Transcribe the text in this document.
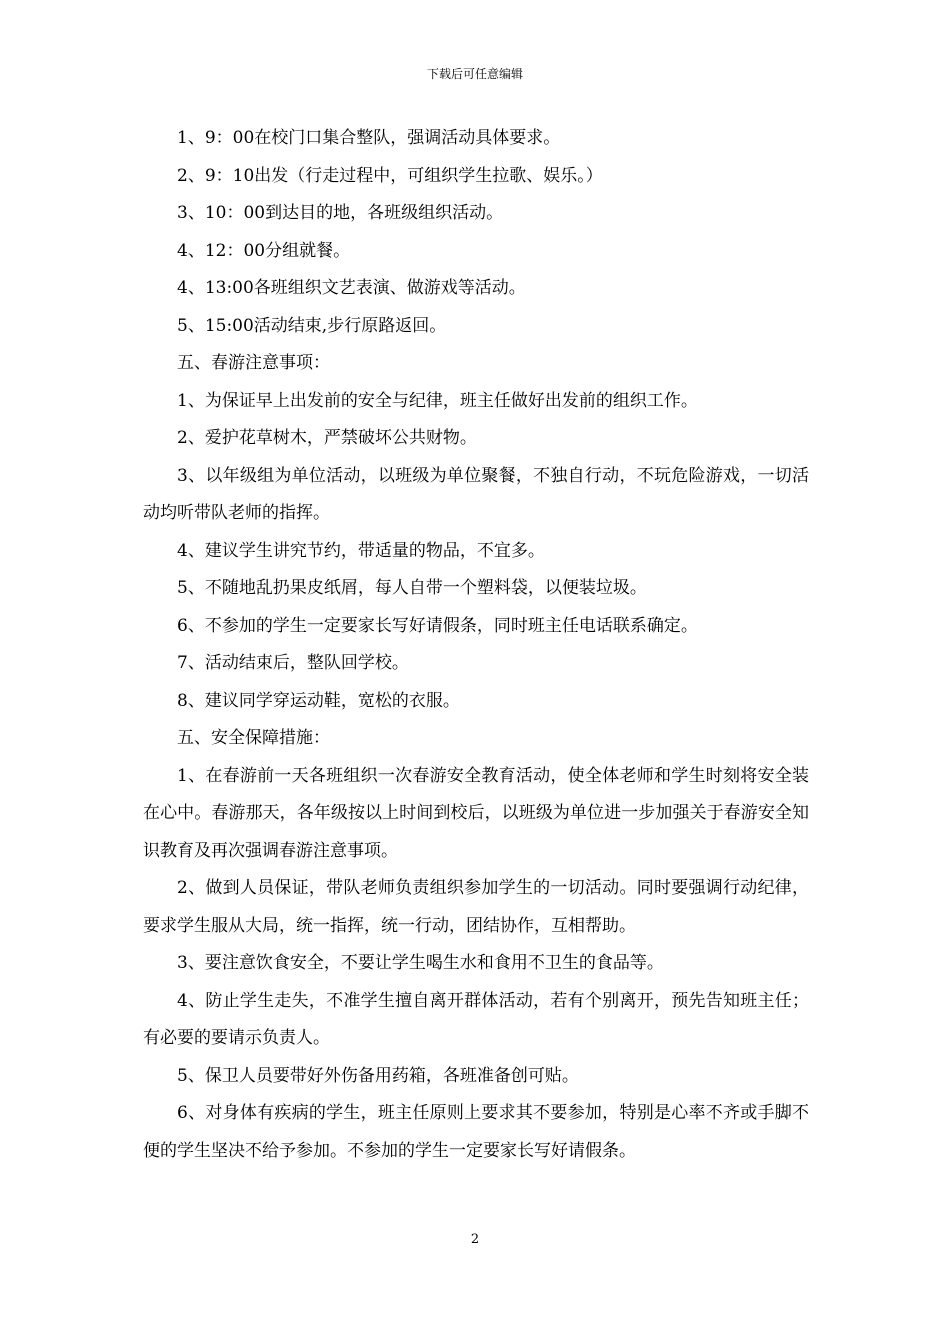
下载后可任意编辑

1、9：00在校门口集合整队，强调活动具体要求。

2、9：10出发（行走过程中，可组织学生拉歌、娱乐。）

3、10：00到达目的地，各班级组织活动。

4、12：00分组就餐。

4、13:00各班组织文艺表演、做游戏等活动。

5、15:00活动结束,步行原路返回。

五、春游注意事项：

1、为保证早上出发前的安全与纪律，班主任做好出发前的组织工作。

2、爱护花草树木，严禁破坏公共财物。

3、以年级组为单位活动，以班级为单位聚餐，不独自行动，不玩危险游戏，一切活动均听带队老师的指挥。

4、建议学生讲究节约，带适量的物品，不宜多。

5、不随地乱扔果皮纸屑，每人自带一个塑料袋，以便装垃圾。

6、不参加的学生一定要家长写好请假条，同时班主任电话联系确定。

7、活动结束后，整队回学校。

8、建议同学穿运动鞋，宽松的衣服。

五、安全保障措施：

1、在春游前一天各班组织一次春游安全教育活动，使全体老师和学生时刻将安全装在心中。春游那天，各年级按以上时间到校后，以班级为单位进一步加强关于春游安全知识教育及再次强调春游注意事项。

2、做到人员保证，带队老师负责组织参加学生的一切活动。同时要强调行动纪律，要求学生服从大局，统一指挥，统一行动，团结协作，互相帮助。

3、要注意饮食安全，不要让学生喝生水和食用不卫生的食品等。

4、防止学生走失，不准学生擅自离开群体活动，若有个别离开，预先告知班主任；有必要的要请示负责人。

5、保卫人员要带好外伤备用药箱，各班准备创可贴。

6、对身体有疾病的学生，班主任原则上要求其不要参加，特别是心率不齐或手脚不便的学生坚决不给予参加。不参加的学生一定要家长写好请假条。

2
